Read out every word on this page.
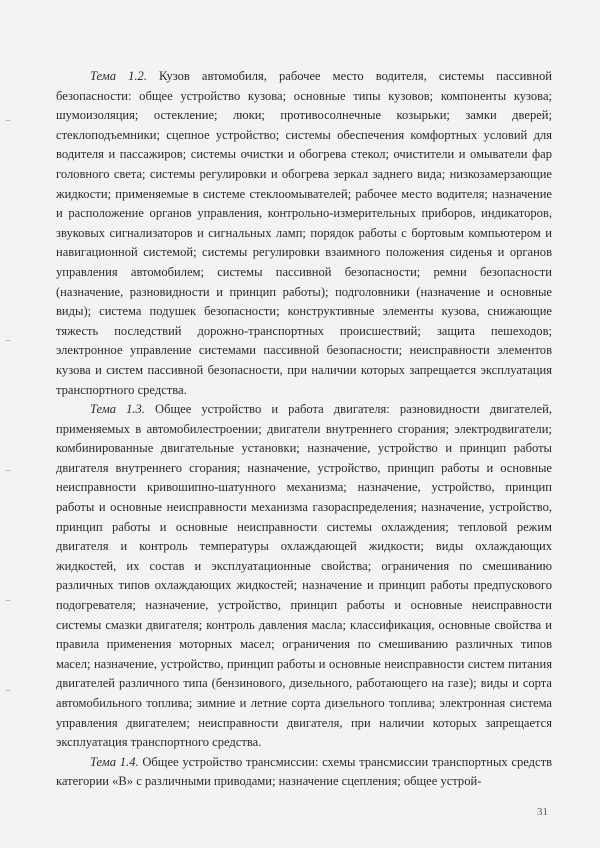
Тема 1.2. Кузов автомобиля, рабочее место водителя, системы пассивной безопасности: общее устройство кузова; основные типы кузовов; компоненты кузова; шумоизоляция; остекление; люки; противосолнечные козырьки; замки дверей; стеклоподъемники; сцепное устройство; системы обеспечения комфортных условий для водителя и пассажиров; системы очистки и обогрева стекол; очистители и омыватели фар головного света; системы регулировки и обогрева зеркал заднего вида; низкозамерзающие жидкости; применяемые в системе стеклоомывателей; рабочее место водителя; назначение и расположение органов управления, контрольно-измерительных приборов, индикаторов, звуковых сигнализаторов и сигнальных ламп; порядок работы с бортовым компьютером и навигационной системой; системы регулировки взаимного положения сиденья и органов управления автомобилем; системы пассивной безопасности; ремни безопасности (назначение, разновидности и принцип работы); подголовники (назначение и основные виды); система подушек безопасности; конструктивные элементы кузова, снижающие тяжесть последствий дорожно-транспортных происшествий; защита пешеходов; электронное управление системами пассивной безопасности; неисправности элементов кузова и систем пассивной безопасности, при наличии которых запрещается эксплуатация транспортного средства.

Тема 1.3. Общее устройство и работа двигателя: разновидности двигателей, применяемых в автомобилестроении; двигатели внутреннего сгорания; электродвигатели; комбинированные двигательные установки; назначение, устройство и принцип работы двигателя внутреннего сгорания; назначение, устройство, принцип работы и основные неисправности кривошипно-шатунного механизма; назначение, устройство, принцип работы и основные неисправности механизма газораспределения; назначение, устройство, принцип работы и основные неисправности системы охлаждения; тепловой режим двигателя и контроль температуры охлаждающей жидкости; виды охлаждающих жидкостей, их состав и эксплуатационные свойства; ограничения по смешиванию различных типов охлаждающих жидкостей; назначение и принцип работы предпускового подогревателя; назначение, устройство, принцип работы и основные неисправности системы смазки двигателя; контроль давления масла; классификация, основные свойства и правила применения моторных масел; ограничения по смешиванию различных типов масел; назначение, устройство, принцип работы и основные неисправности систем питания двигателей различного типа (бензинового, дизельного, работающего на газе); виды и сорта автомобильного топлива; зимние и летние сорта дизельного топлива; электронная система управления двигателем; неисправности двигателя, при наличии которых запрещается эксплуатация транспортного средства.

Тема 1.4. Общее устройство трансмиссии: схемы трансмиссии транспортных средств категории «В» с различными приводами; назначение сцепления; общее устрой-

31
